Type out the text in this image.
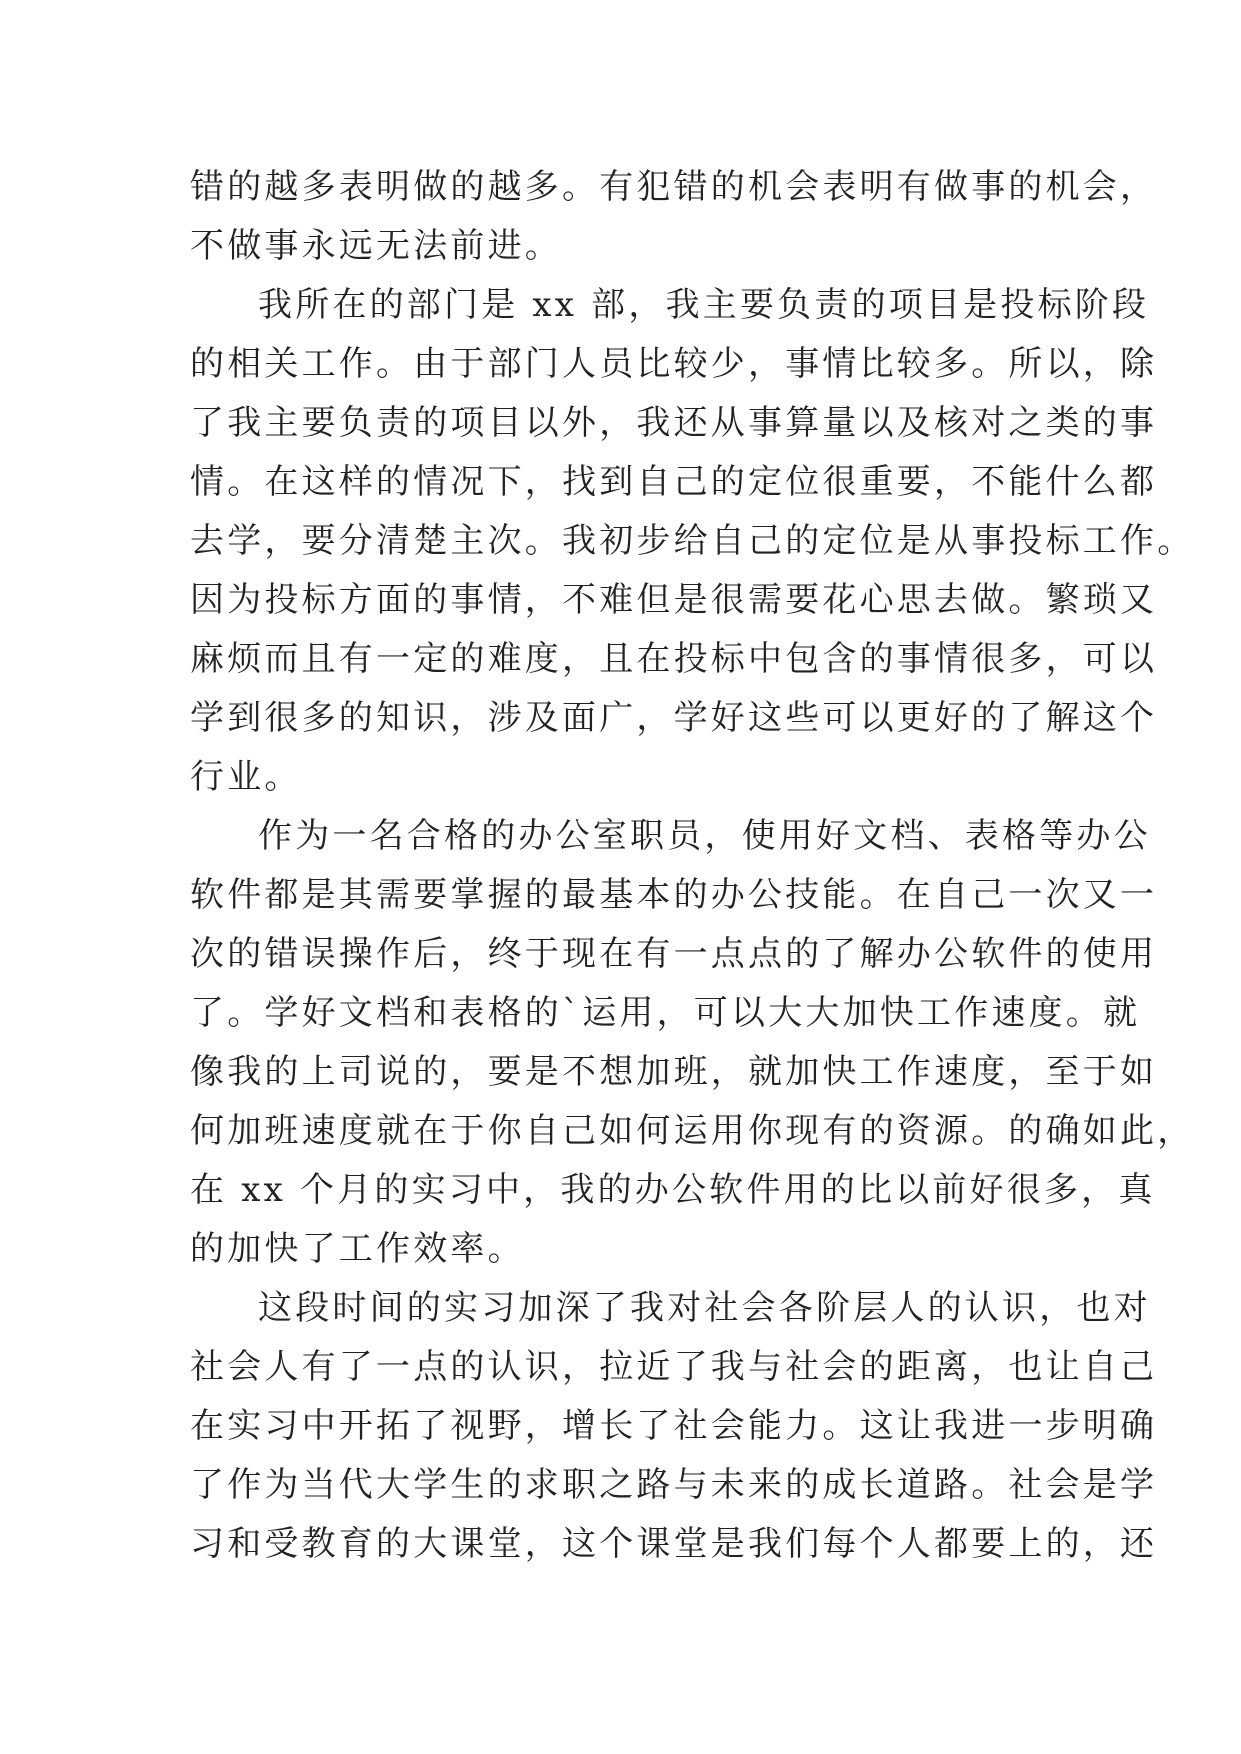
错的越多表明做的越多。有犯错的机会表明有做事的机会，
不做事永远无法前进。
我所在的部门是 xx 部，我主要负责的项目是投标阶段
的相关工作。由于部门人员比较少，事情比较多。所以，除
了我主要负责的项目以外，我还从事算量以及核对之类的事
情。在这样的情况下，找到自己的定位很重要，不能什么都
去学，要分清楚主次。我初步给自己的定位是从事投标工作。
因为投标方面的事情，不难但是很需要花心思去做。繁琐又
麻烦而且有一定的难度，且在投标中包含的事情很多，可以
学到很多的知识，涉及面广，学好这些可以更好的了解这个
行业。
作为一名合格的办公室职员，使用好文档、表格等办公
软件都是其需要掌握的最基本的办公技能。在自己一次又一
次的错误操作后，终于现在有一点点的了解办公软件的使用
了。学好文档和表格的`运用，可以大大加快工作速度。就
像我的上司说的，要是不想加班，就加快工作速度，至于如
何加班速度就在于你自己如何运用你现有的资源。的确如此，
在 xx 个月的实习中，我的办公软件用的比以前好很多，真
的加快了工作效率。
这段时间的实习加深了我对社会各阶层人的认识，也对
社会人有了一点的认识，拉近了我与社会的距离，也让自己
在实习中开拓了视野，增长了社会能力。这让我进一步明确
了作为当代大学生的求职之路与未来的成长道路。社会是学
习和受教育的大课堂，这个课堂是我们每个人都要上的，还
